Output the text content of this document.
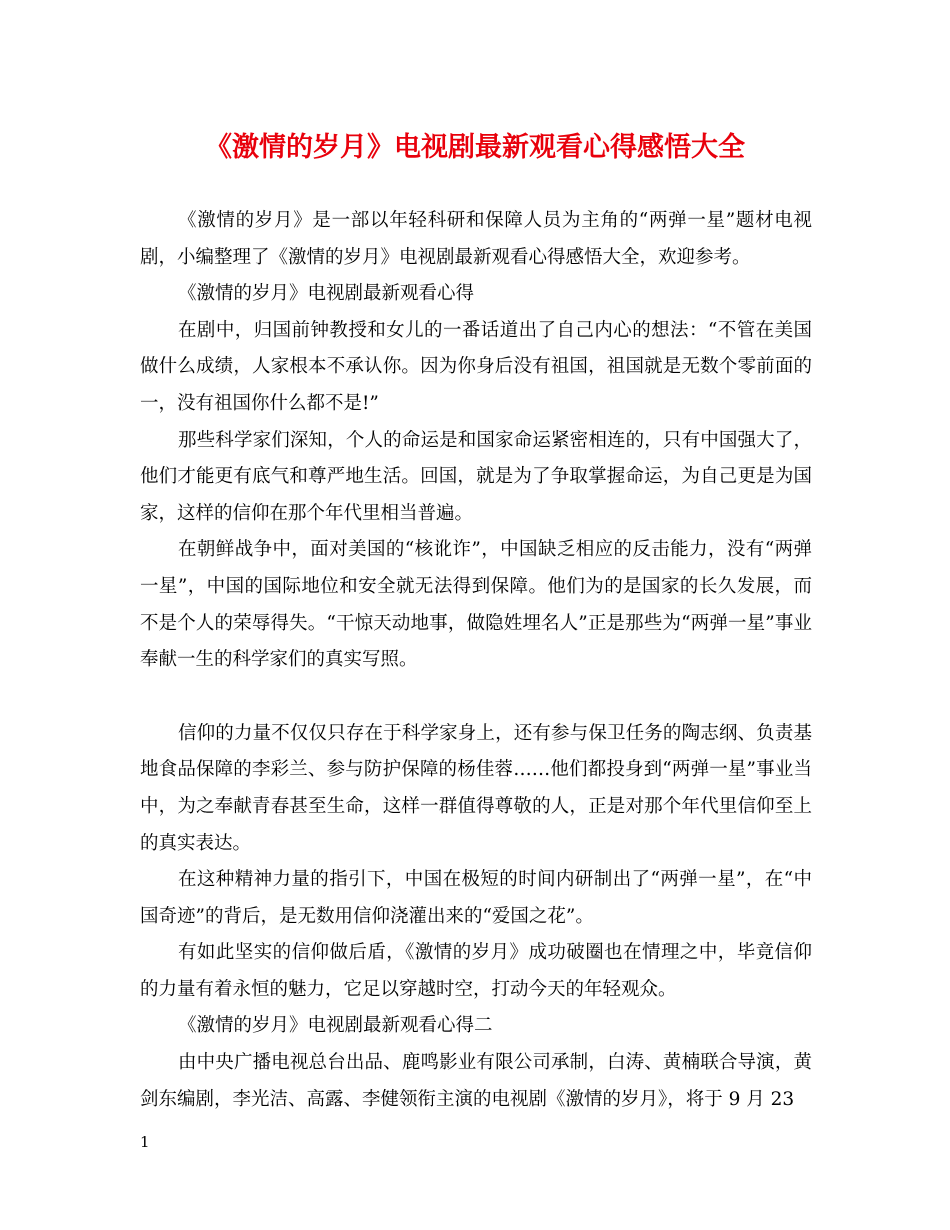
《激情的岁月》电视剧最新观看心得感悟大全

《激情的岁月》是一部以年轻科研和保障人员为主角的“两弹一星”题材电视剧，小编整理了《激情的岁月》电视剧最新观看心得感悟大全，欢迎参考。

《激情的岁月》电视剧最新观看心得

在剧中，归国前钟教授和女儿的一番话道出了自己内心的想法：“不管在美国做什么成绩，人家根本不承认你。因为你身后没有祖国，祖国就是无数个零前面的一，没有祖国你什么都不是!”

那些科学家们深知，个人的命运是和国家命运紧密相连的，只有中国强大了，他们才能更有底气和尊严地生活。回国，就是为了争取掌握命运，为自己更是为国家，这样的信仰在那个年代里相当普遍。

在朝鲜战争中，面对美国的“核讹诈”，中国缺乏相应的反击能力，没有“两弹一星”，中国的国际地位和安全就无法得到保障。他们为的是国家的长久发展，而不是个人的荣辱得失。“干惊天动地事，做隐姓埋名人”正是那些为“两弹一星”事业奉献一生的科学家们的真实写照。

信仰的力量不仅仅只存在于科学家身上，还有参与保卫任务的陶志纲、负责基地食品保障的李彩兰、参与防护保障的杨佳蓉……他们都投身到“两弹一星”事业当中，为之奉献青春甚至生命，这样一群值得尊敬的人，正是对那个年代里信仰至上的真实表达。

在这种精神力量的指引下，中国在极短的时间内研制出了“两弹一星”，在“中国奇迹”的背后，是无数用信仰浇灌出来的“爱国之花”。

有如此坚实的信仰做后盾，《激情的岁月》成功破圈也在情理之中，毕竟信仰的力量有着永恒的魅力，它足以穿越时空，打动今天的年轻观众。

《激情的岁月》电视剧最新观看心得二

由中央广播电视总台出品、鹿鸣影业有限公司承制，白涛、黄楠联合导演，黄剑东编剧，李光洁、高露、李健领衔主演的电视剧《激情的岁月》，将于 9 月 23

1
